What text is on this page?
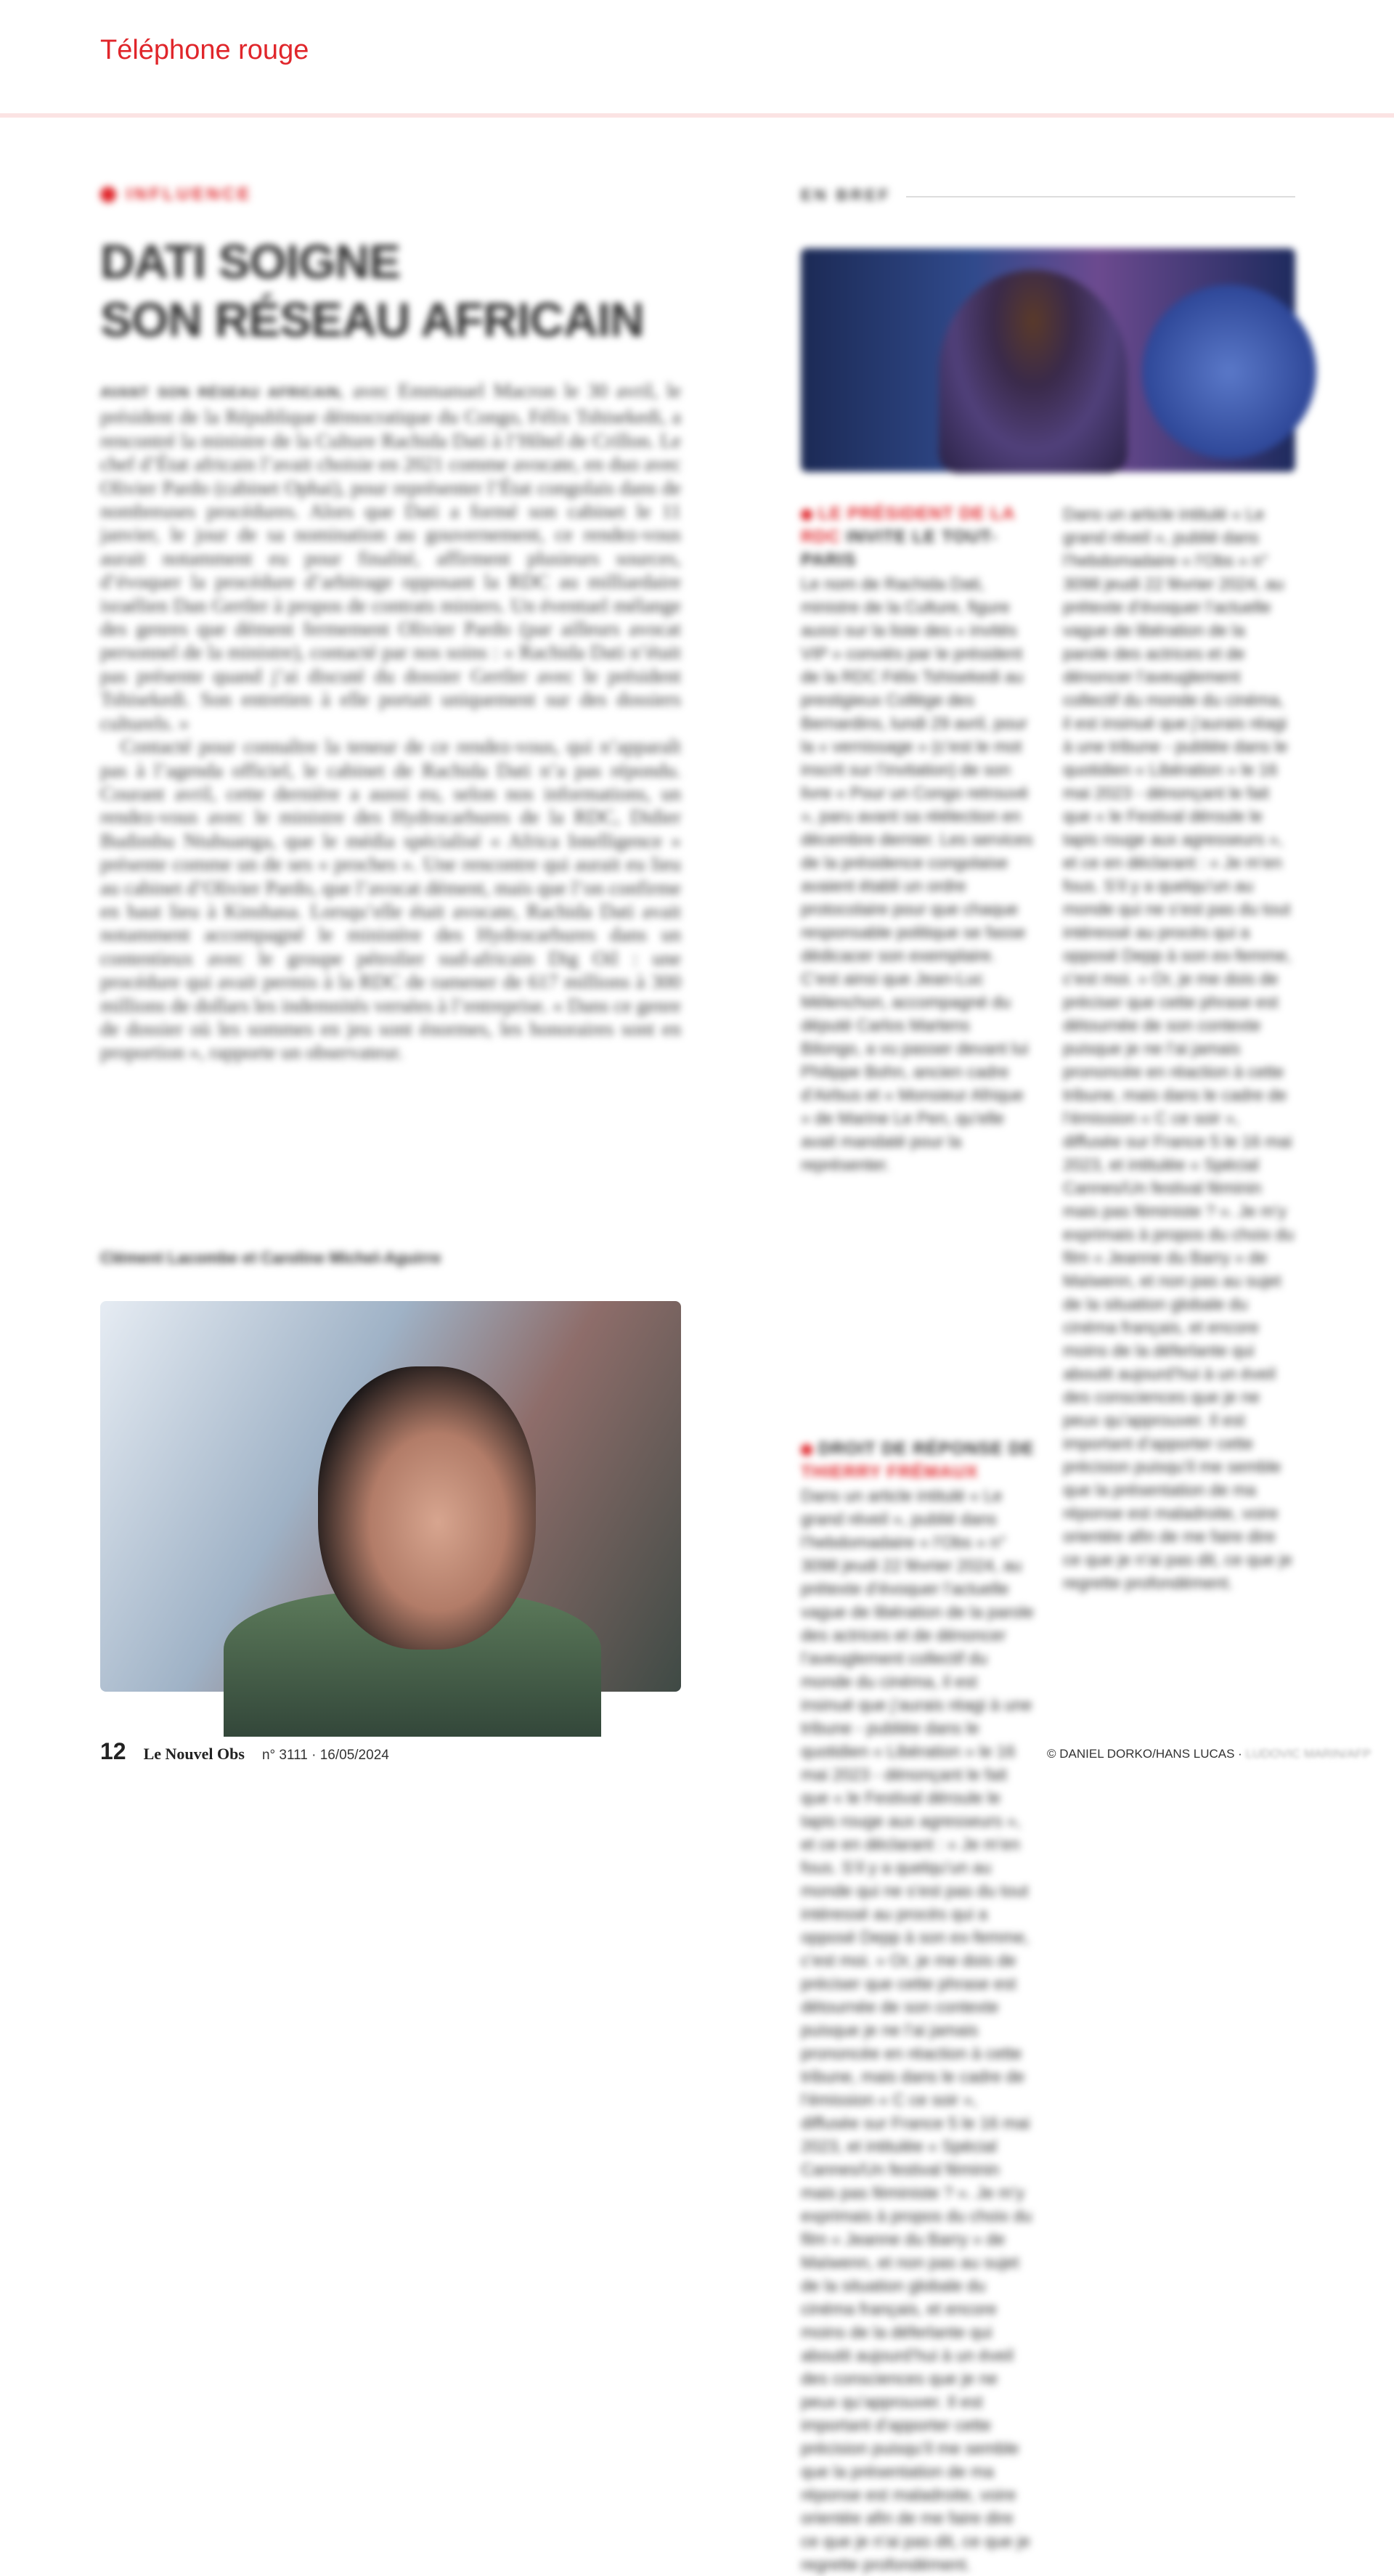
Téléphone rouge
INFLUENCE
DATI SOIGNE
SON RÉSEAU AFRICAIN

AVANT SON RÉSEAU AFRICAIN, avec Emmanuel Macron le 30 avril, le président de la République démocratique du Congo, Félix Tshisekedi, a rencontré la ministre de la Culture Rachida Dati à l’Hôtel de Crillon. Le chef d’État africain l’avait choisie en 2021 comme avocate, en duo avec Olivier Pardo (cabinet Ophai), pour représenter l’État congolais dans de nombreuses procédures. Alors que Dati a formé son cabinet le 11 janvier, le jour de sa nomination au gouvernement, ce rendez-vous aurait notamment eu pour finalité, affirment plusieurs sources, d’évoquer la procédure d’arbitrage opposant la RDC au milliardaire israélien Dan Gertler à propos de contrats miniers. Un éventuel mélange des genres que dément fermement Olivier Pardo (par ailleurs avocat personnel de la ministre), contacté par nos soins : « Rachida Dati n’était pas présente quand j’ai discuté du dossier Gertler avec le président Tshisekedi. Son entretien à elle portait uniquement sur des dossiers culturels. »

Contacté pour connaître la teneur de ce rendez-vous, qui n’apparaît pas à l’agenda officiel, le cabinet de Rachida Dati n’a pas répondu. Courant avril, cette dernière a aussi eu, selon nos informations, un rendez-vous avec le ministre des Hydrocarbures de la RDC, Didier Budimbu Ntubuanga, que le média spécialisé « Africa Intelligence » présente comme un de ses « proches ». Une rencontre qui aurait eu lieu au cabinet d’Olivier Pardo, que l’avocat dément, mais que l’on confirme en haut lieu à Kinshasa. Lorsqu’elle était avocate, Rachida Dati avait notamment accompagné le ministère des Hydrocarbures dans un contentieux avec le groupe pétrolier sud-africain Dig Oil : une procédure qui avait permis à la RDC de ramener de 617 millions à 300 millions de dollars les indemnités versées à l’entreprise. « Dans ce genre de dossier où les sommes en jeu sont énormes, les honoraires sont en proportion », rapporte un observateur.

Clément Lacombe et Caroline Michel-Aguirre
EN BREF
LE PRÉSIDENT DE LA RDC INVITE LE TOUT-PARIS

Le nom de Rachida Dati, ministre de la Culture, figure aussi sur la liste des « invités VIP » conviés par le président de la RDC Félix Tshisekedi au prestigieux Collège des Bernardins, lundi 29 avril, pour la « vernissage » (c’est le mot inscrit sur l’invitation) de son livre « Pour un Congo retrouvé », paru avant sa réélection en décembre dernier. Les services de la présidence congolaise avaient établi un ordre protocolaire pour que chaque responsable politique se fasse dédicacer son exemplaire. C’est ainsi que Jean-Luc Mélenchon, accompagné du député Carlos Martens Bilongo, a vu passer devant lui Philippe Bohn, ancien cadre d’Airbus et « Monsieur Afrique » de Marine Le Pen, qu’elle avait mandaté pour la représenter.

DROIT DE RÉPONSE DE THIERRY FRÉMAUX

Dans un article intitulé « Le grand réveil », publié dans l’hebdomadaire « l’Obs » n° 3098 jeudi 22 février 2024, au prétexte d’évoquer l’actuelle vague de libération de la parole des actrices et de dénoncer l’aveuglement collectif du monde du cinéma, il est insinué que j’aurais réagi à une tribune - publiée dans le quotidien « Libération » le 16 mai 2023 - dénonçant le fait que « le Festival déroule le tapis rouge aux agresseurs », et ce en déclarant : « Je m’en fous. S’il y a quelqu’un au monde qui ne s’est pas du tout intéressé au procès qui a opposé Depp à son ex-femme, c’est moi. » Or, je me dois de préciser que cette phrase est détournée de son contexte puisque je ne l’ai jamais prononcée en réaction à cette tribune, mais dans le cadre de l’émission « C ce soir », diffusée sur France 5 le 16 mai 2023, et intitulée « Spécial Cannes/Un festival féminin mais pas féministe ? ». Je m’y exprimais à propos du choix du film « Jeanne du Barry » de Maïwenn, et non pas au sujet de la situation globale du cinéma français, et encore moins de la déferlante qui aboutit aujourd’hui à un éveil des consciences que je ne peux qu’approuver. Il est important d’apporter cette précision puisqu’il me semble que la présentation de ma réponse est maladroite, voire orientée afin de me faire dire ce que je n’ai pas dit, ce que je regrette profondément.

Dans un article intitulé « Le grand réveil », publié dans l’hebdomadaire « l’Obs » n° 3098 jeudi 22 février 2024, au prétexte d’évoquer l’actuelle vague de libération de la parole des actrices et de dénoncer l’aveuglement collectif du monde du cinéma, il est insinué que j’aurais réagi à une tribune - publiée dans le quotidien « Libération » le 16 mai 2023 - dénonçant le fait que « le Festival déroule le tapis rouge aux agresseurs », et ce en déclarant : « Je m’en fous. S’il y a quelqu’un au monde qui ne s’est pas du tout intéressé au procès qui a opposé Depp à son ex-femme, c’est moi. » Or, je me dois de préciser que cette phrase est détournée de son contexte puisque je ne l’ai jamais prononcée en réaction à cette tribune, mais dans le cadre de l’émission « C ce soir », diffusée sur France 5 le 16 mai 2023, et intitulée « Spécial Cannes/Un festival féminin mais pas féministe ? ». Je m’y exprimais à propos du choix du film « Jeanne du Barry » de Maïwenn, et non pas au sujet de la situation globale du cinéma français, et encore moins de la déferlante qui aboutit aujourd’hui à un éveil des consciences que je ne peux qu’approuver. Il est important d’apporter cette précision puisqu’il me semble que la présentation de ma réponse est maladroite, voire orientée afin de me faire dire ce que je n’ai pas dit, ce que je regrette profondément.

12 Le Nouvel Obs n° 3111 · 16/05/2024	© DANIEL DORKO/HANS LUCAS · LUDOVIC MARIN/AFP
